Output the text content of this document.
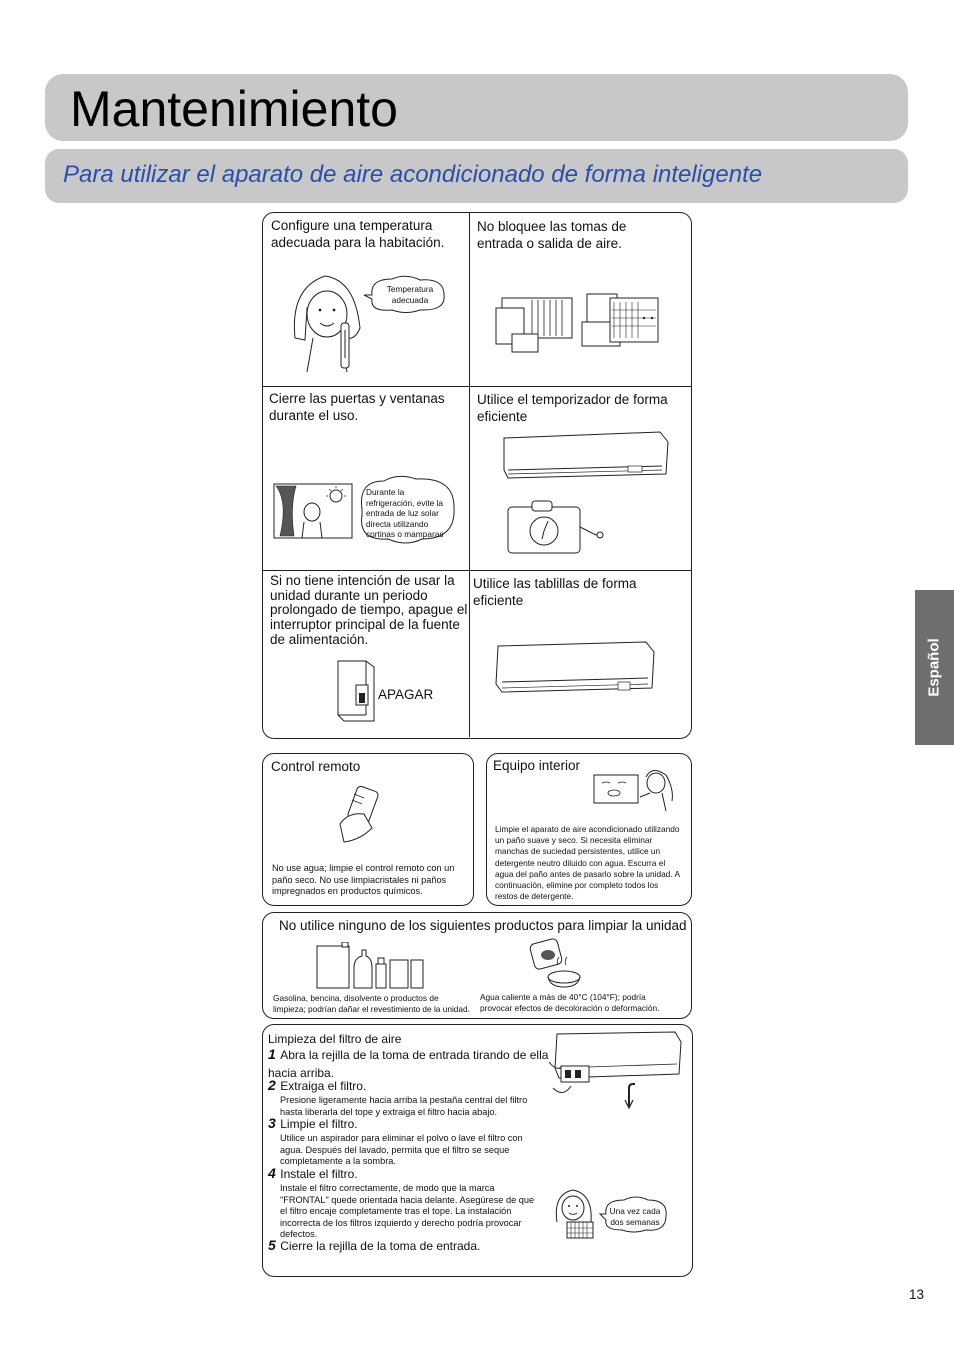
Mantenimiento
Para utilizar el aparato de aire acondicionado de forma inteligente
Español
Configure una temperatura adecuada para la habitación.
No bloquee las tomas de entrada o salida de aire.
Cierre las puertas y ventanas durante el uso.
Utilice el temporizador de forma eficiente
Si no tiene intención de usar la unidad durante un periodo prolongado de tiempo, apague el interruptor principal de la fuente de alimentación.
Utilice las tablillas de forma eficiente
Temperatura adecuada
Durante la refrigeración, evite la entrada de luz solar directa utilizando cortinas o mamparas
APAGAR
Control remoto
No use agua; limpie el control remoto con un paño seco. No use limpiacristales ni paños impregnados en productos químicos.
Equipo interior
Limpie el aparato de aire acondicionado utilizando un paño suave y seco. Si necesita eliminar manchas de suciedad persistentes, utilice un detergente neutro diluido con agua. Escurra el agua del paño antes de pasarlo sobre la unidad. A continuación, elimine por completo todos los restos de detergente.
No utilice ninguno de los siguientes productos para limpiar la unidad
Gasolina, bencina, disolvente o productos de limpieza; podrían dañar el revestimiento de la unidad.
Agua caliente a más de 40°C (104°F); podría provocar efectos de decoloración o deformación.
Limpieza del filtro de aire
1 Abra la rejilla de la toma de entrada tirando de ella hacia arriba.
2 Extraiga el filtro.
Presione ligeramente hacia arriba la pestaña central del filtro hasta liberarla del tope y extraiga el filtro hacia abajo.
3 Limpie el filtro.
Utilice un aspirador para eliminar el polvo o lave el filtro con agua. Después del lavado, permita que el filtro se seque completamente a la sombra.
4 Instale el filtro.
Instale el filtro correctamente, de modo que la marca "FRONTAL" quede orientada hacia delante. Asegúrese de que el filtro encaje completamente tras el tope. La instalación incorrecta de los filtros izquierdo y derecho podría provocar defectos.
5 Cierre la rejilla de la toma de entrada.
Una vez cada dos semanas
13
